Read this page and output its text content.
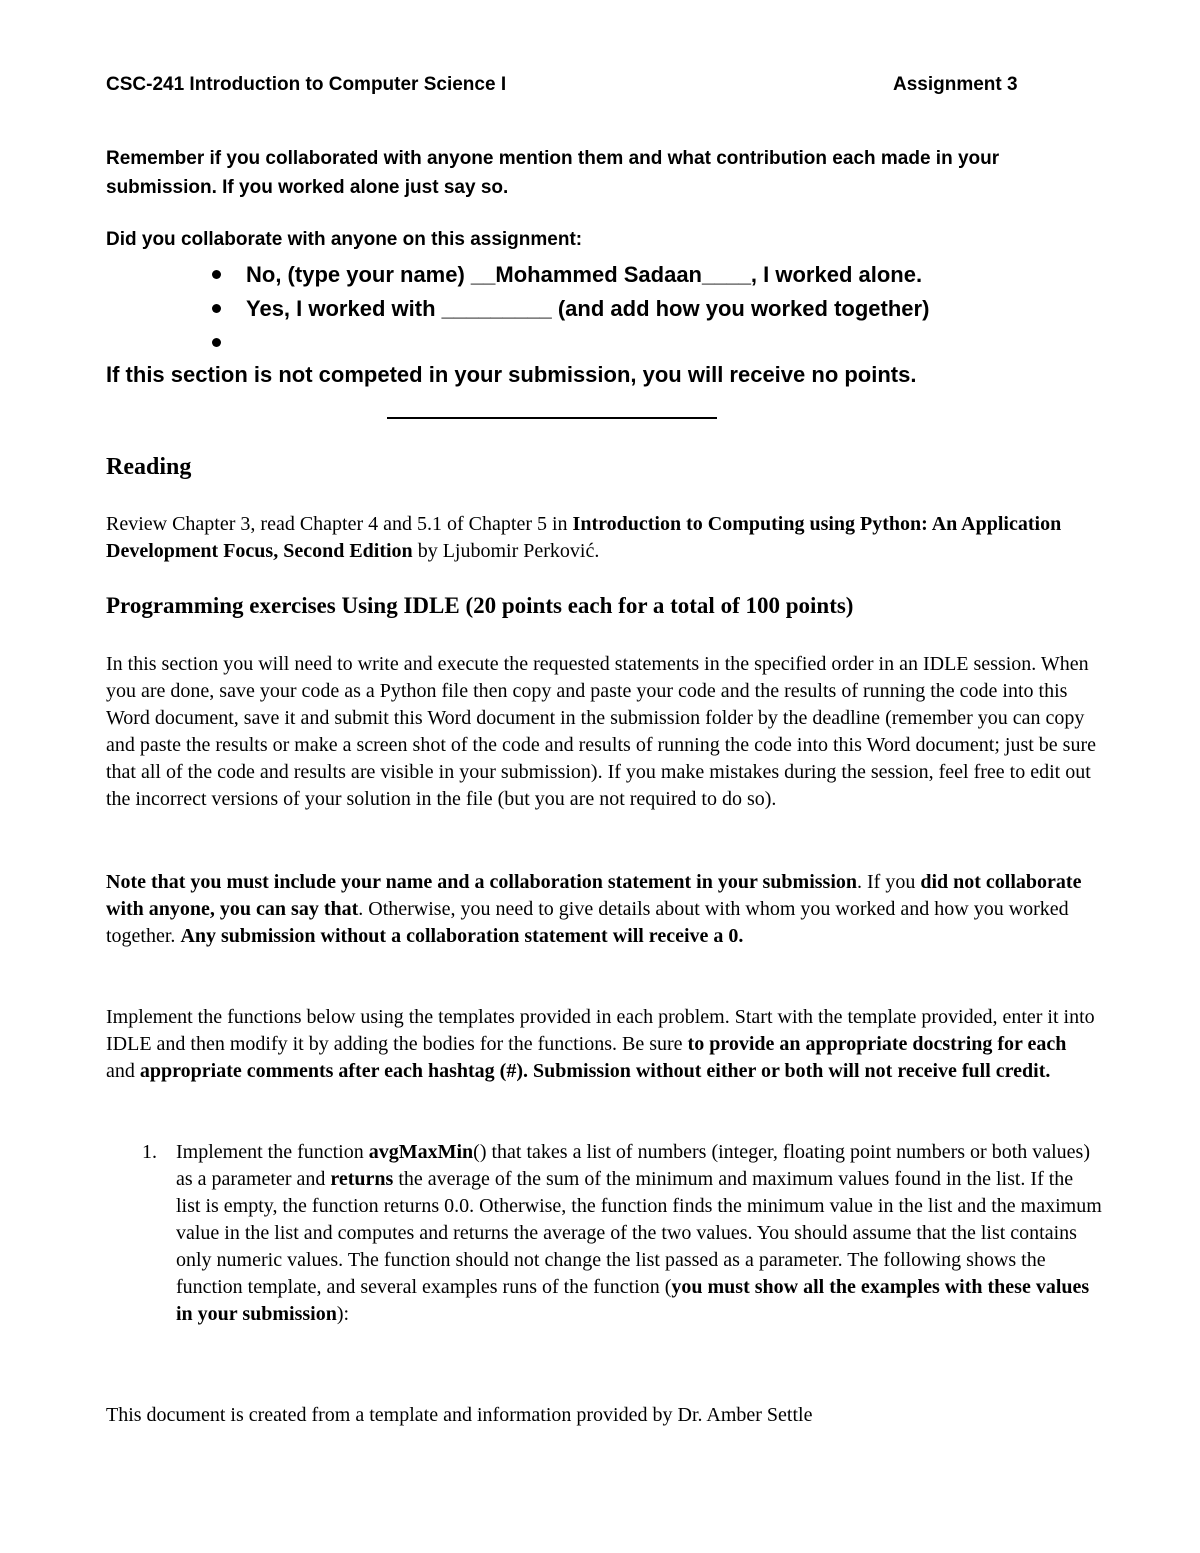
CSC-241 Introduction to Computer Science I	Assignment 3
Remember if you collaborated with anyone mention them and what contribution each made in your submission. If you worked alone just say so.
Did you collaborate with anyone on this assignment:
No, (type your name) __Mohammed Sadaan____, I worked alone.
Yes, I worked with _________ (and add how you worked together)
If this section is not competed in your submission, you will receive no points.
Reading
Review Chapter 3, read Chapter 4 and 5.1 of Chapter 5 in Introduction to Computing using Python: An Application Development Focus, Second Edition by Ljubomir Perković.
Programming exercises Using IDLE (20 points each for a total of 100 points)
In this section you will need to write and execute the requested statements in the specified order in an IDLE session. When you are done, save your code as a Python file then copy and paste your code and the results of running the code into this Word document, save it and submit this Word document in the submission folder by the deadline (remember you can copy and paste the results or make a screen shot of the code and results of running the code into this Word document; just be sure that all of the code and results are visible in your submission). If you make mistakes during the session, feel free to edit out the incorrect versions of your solution in the file (but you are not required to do so).
Note that you must include your name and a collaboration statement in your submission. If you did not collaborate with anyone, you can say that. Otherwise, you need to give details about with whom you worked and how you worked together. Any submission without a collaboration statement will receive a 0.
Implement the functions below using the templates provided in each problem. Start with the template provided, enter it into IDLE and then modify it by adding the bodies for the functions. Be sure to provide an appropriate docstring for each and appropriate comments after each hashtag (#). Submission without either or both will not receive full credit.
1. Implement the function avgMaxMin() that takes a list of numbers (integer, floating point numbers or both values) as a parameter and returns the average of the sum of the minimum and maximum values found in the list. If the list is empty, the function returns 0.0. Otherwise, the function finds the minimum value in the list and the maximum value in the list and computes and returns the average of the two values. You should assume that the list contains only numeric values. The function should not change the list passed as a parameter. The following shows the function template, and several examples runs of the function (you must show all the examples with these values in your submission):
This document is created from a template and information provided by Dr. Amber Settle
